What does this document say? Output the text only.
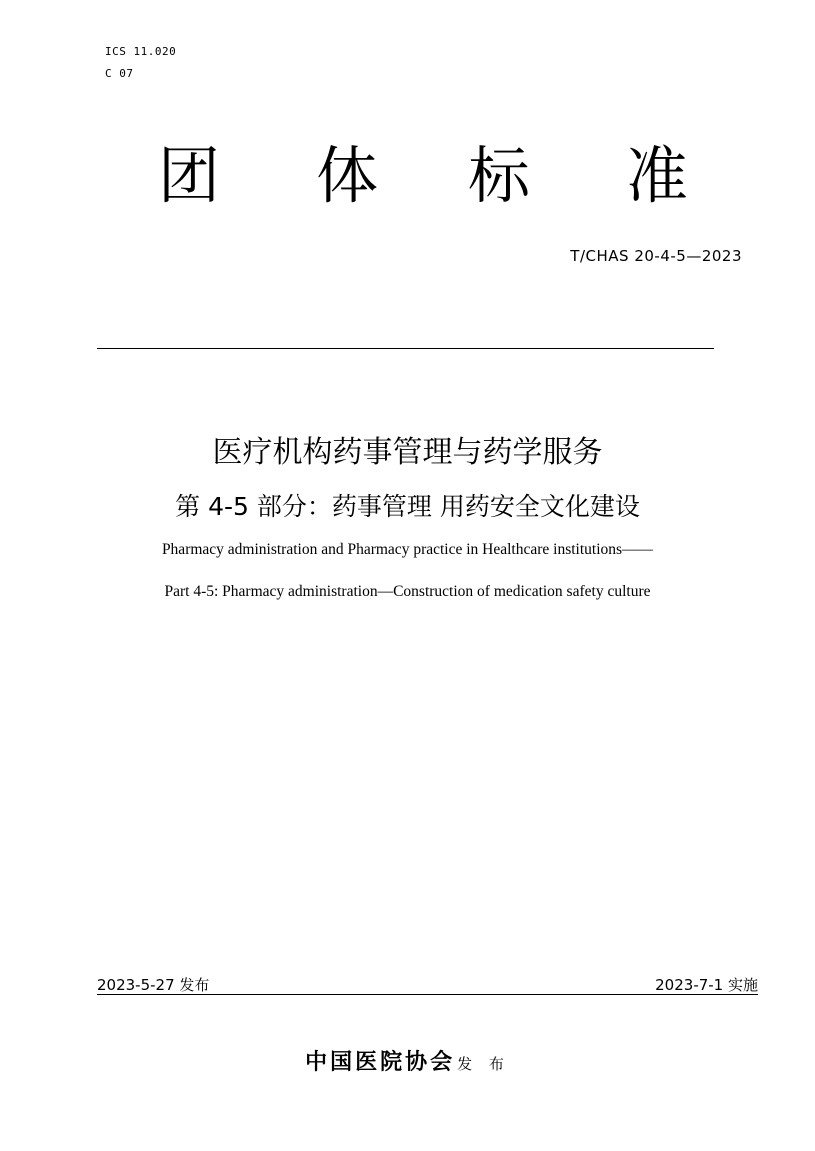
ICS 11.020
C 07
团 体 标 准
T/CHAS 20-4-5—2023
医疗机构药事管理与药学服务
第 4-5 部分：药事管理 用药安全文化建设
Pharmacy administration and Pharmacy practice in Healthcare institutions——
Part 4-5: Pharmacy administration—Construction of medication safety culture
2023-5-27 发布	2023-7-1 实施
中国医院协会 发 布
